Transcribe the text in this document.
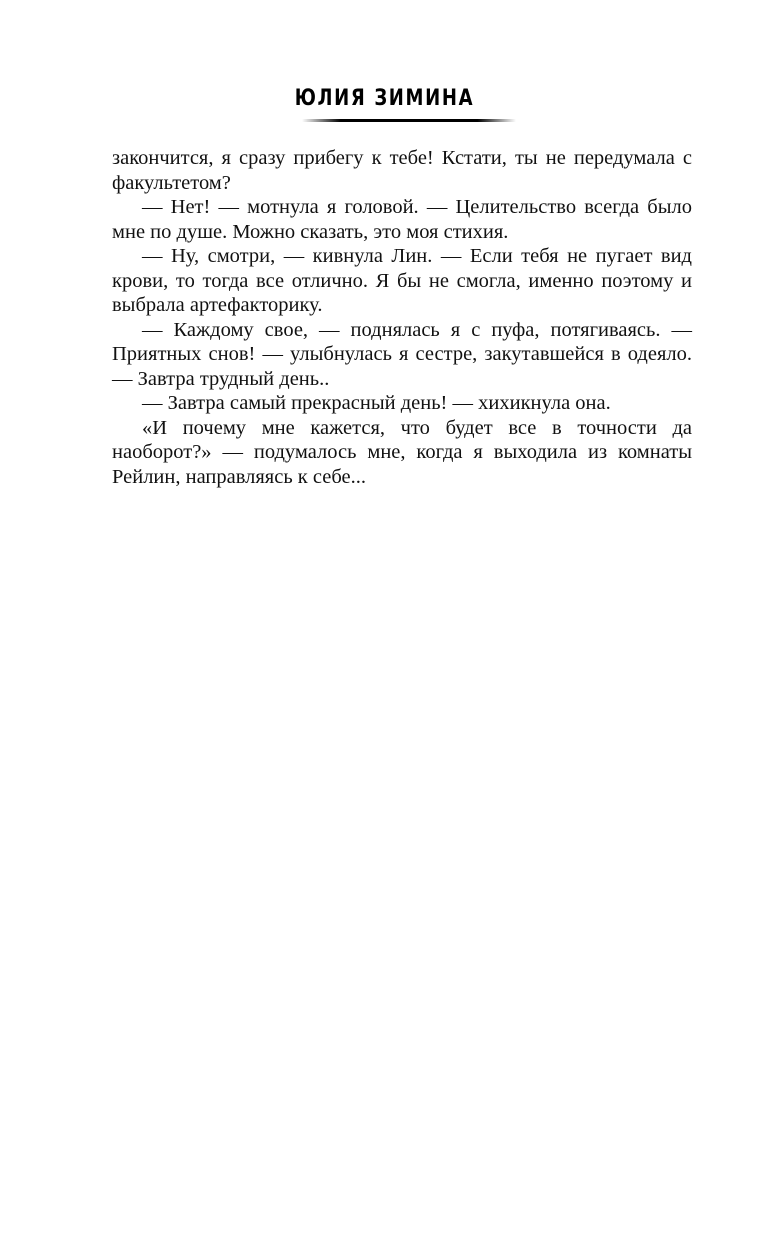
ЮЛИЯ ЗИМИНА

закончится, я сразу прибегу к тебе! Кстати, ты не передумала с факультетом?

— Нет! — мотнула я головой. — Целительство всегда было мне по душе. Можно сказать, это моя стихия.

— Ну, смотри, — кивнула Лин. — Если тебя не пугает вид крови, то тогда все отлично. Я бы не смогла, именно поэтому и выбрала артефакторику.

— Каждому свое, — поднялась я с пуфа, потягиваясь. — Приятных снов! — улыбнулась я сестре, закутавшейся в одеяло. — Завтра трудный день..

— Завтра самый прекрасный день! — хихикнула она.

«И почему мне кажется, что будет все в точности да наоборот?» — подумалось мне, когда я выходила из комнаты Рейлин, направляясь к себе...
